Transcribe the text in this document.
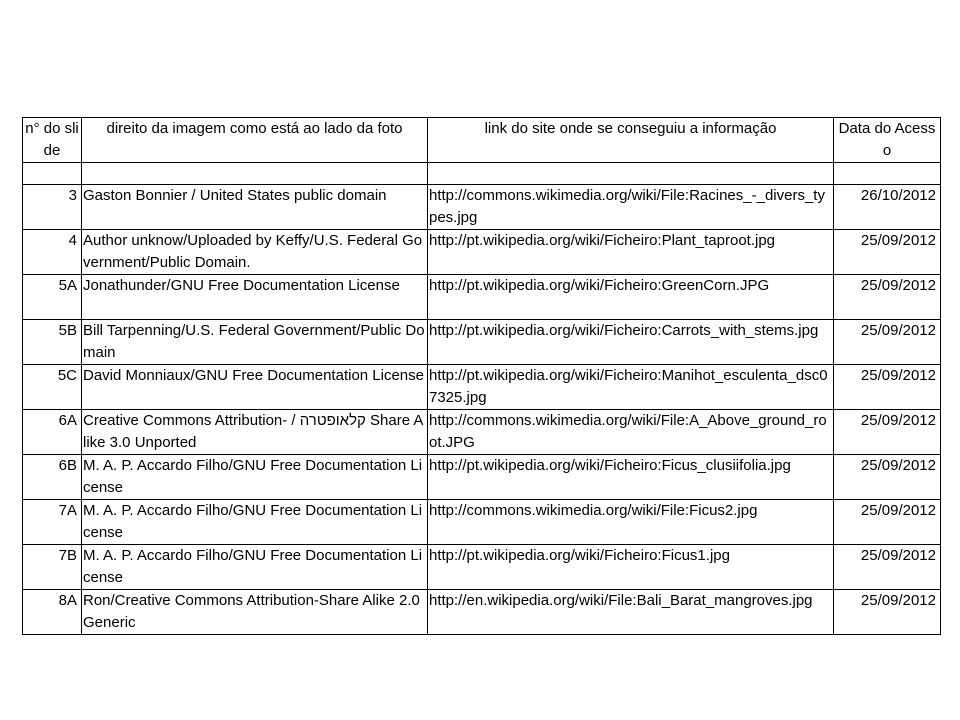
n° do slide	direito da imagem como está ao lado da foto	link do site onde se conseguiu a informação	Data do Acesso

3	Gaston Bonnier / United States public domain	http://commons.wikimedia.org/wiki/File:Racines_-_divers_types.jpg	26/10/2012
4	Author unknow/Uploaded by Keffy/U.S. Federal Government/Public Domain.	http://pt.wikipedia.org/wiki/Ficheiro:Plant_taproot.jpg	25/09/2012
5A	Jonathunder/GNU Free Documentation License	http://pt.wikipedia.org/wiki/Ficheiro:GreenCorn.JPG	25/09/2012
5B	Bill Tarpenning/U.S. Federal Government/Public Domain	http://pt.wikipedia.org/wiki/Ficheiro:Carrots_with_stems.jpg	25/09/2012
5C	David Monniaux/GNU Free Documentation License	http://pt.wikipedia.org/wiki/Ficheiro:Manihot_esculenta_dsc07325.jpg	25/09/2012
6A	Creative Commons Attribution- / קלאופטרה Share Alike 3.0 Unported	http://commons.wikimedia.org/wiki/File:A_Above_ground_root.JPG	25/09/2012
6B	M. A. P. Accardo Filho/GNU Free Documentation License	http://pt.wikipedia.org/wiki/Ficheiro:Ficus_clusiifolia.jpg	25/09/2012
7A	M. A. P. Accardo Filho/GNU Free Documentation License	http://commons.wikimedia.org/wiki/File:Ficus2.jpg	25/09/2012
7B	M. A. P. Accardo Filho/GNU Free Documentation License	http://pt.wikipedia.org/wiki/Ficheiro:Ficus1.jpg	25/09/2012
8A	Ron/Creative Commons Attribution-Share Alike 2.0 Generic	http://en.wikipedia.org/wiki/File:Bali_Barat_mangroves.jpg	25/09/2012
